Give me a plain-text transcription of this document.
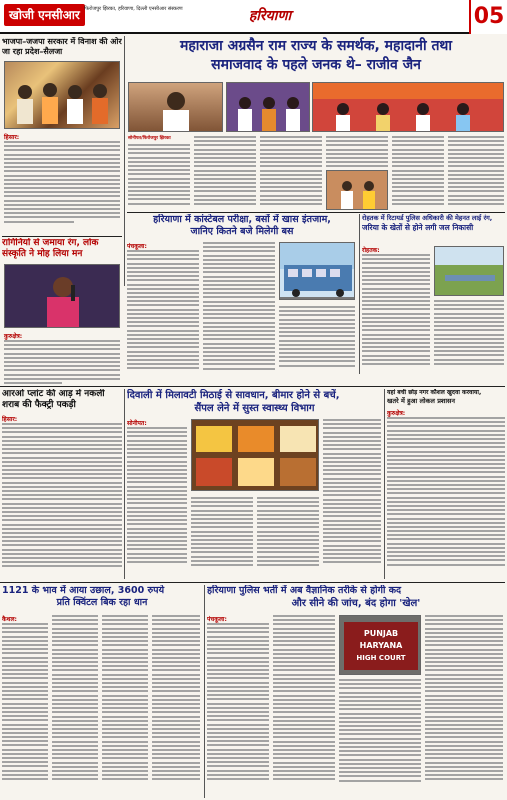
खोजी एनसीआर फिरोजपुर झिरका, हरियाणा, दिल्ली एनसीआर संस्करण	हरियाणा	05
भाजपा–जजपा सरकार में विनाश की ओर जा रहा प्रदेश–सैलजा
हिसार:
रागिनियों से जमाया रंग, लोक संस्कृति ने मोह लिया मन
कुरुक्षेत्र:
महाराजा अग्रसैन राम राज्य के समर्थक, महादानी तथा
समाजवाद के पहले जनक थे– राजीव जैन
सोनीपत/फिरोजपुर झिरका
हरियाणा में कांस्टेबल परीक्षा, बसों में खास इंतजाम,
जानिए कितने बजे मिलेगी बस
पंचकूला:
रोहतक में रिटायर्ड पुलिस अधिकारी की मेहनत लाई रंग,
जरिया के खेतों से होने लगी जल निकासी
रोहतक:
आरओ प्लांट की आड़ में नकली शराब की फैक्ट्री पकड़ी
हिसार:
दिवाली में मिलावटी मिठाई से सावधान, बीमार होने से बचें,
सैंपल लेने में सुस्त स्वास्थ्य विभाग
सोनीपत:
यहां बची छोड़ नगर कौशल खुदवा करवाया,
खतरे में हुआ लोकल प्रशासन
कुरुक्षेत्र:
1121 के भाव में आया उछाल, 3600 रुपये
प्रति क्विंटल बिक रहा धान
कैथल:
हरियाणा पुलिस भर्ती में अब वैज्ञानिक तरीके से होगी कद
और सीने की जांच, बंद होगा 'खेल'
पंचकूला:
PUNJAB
HARYANA
HIGH COURT
